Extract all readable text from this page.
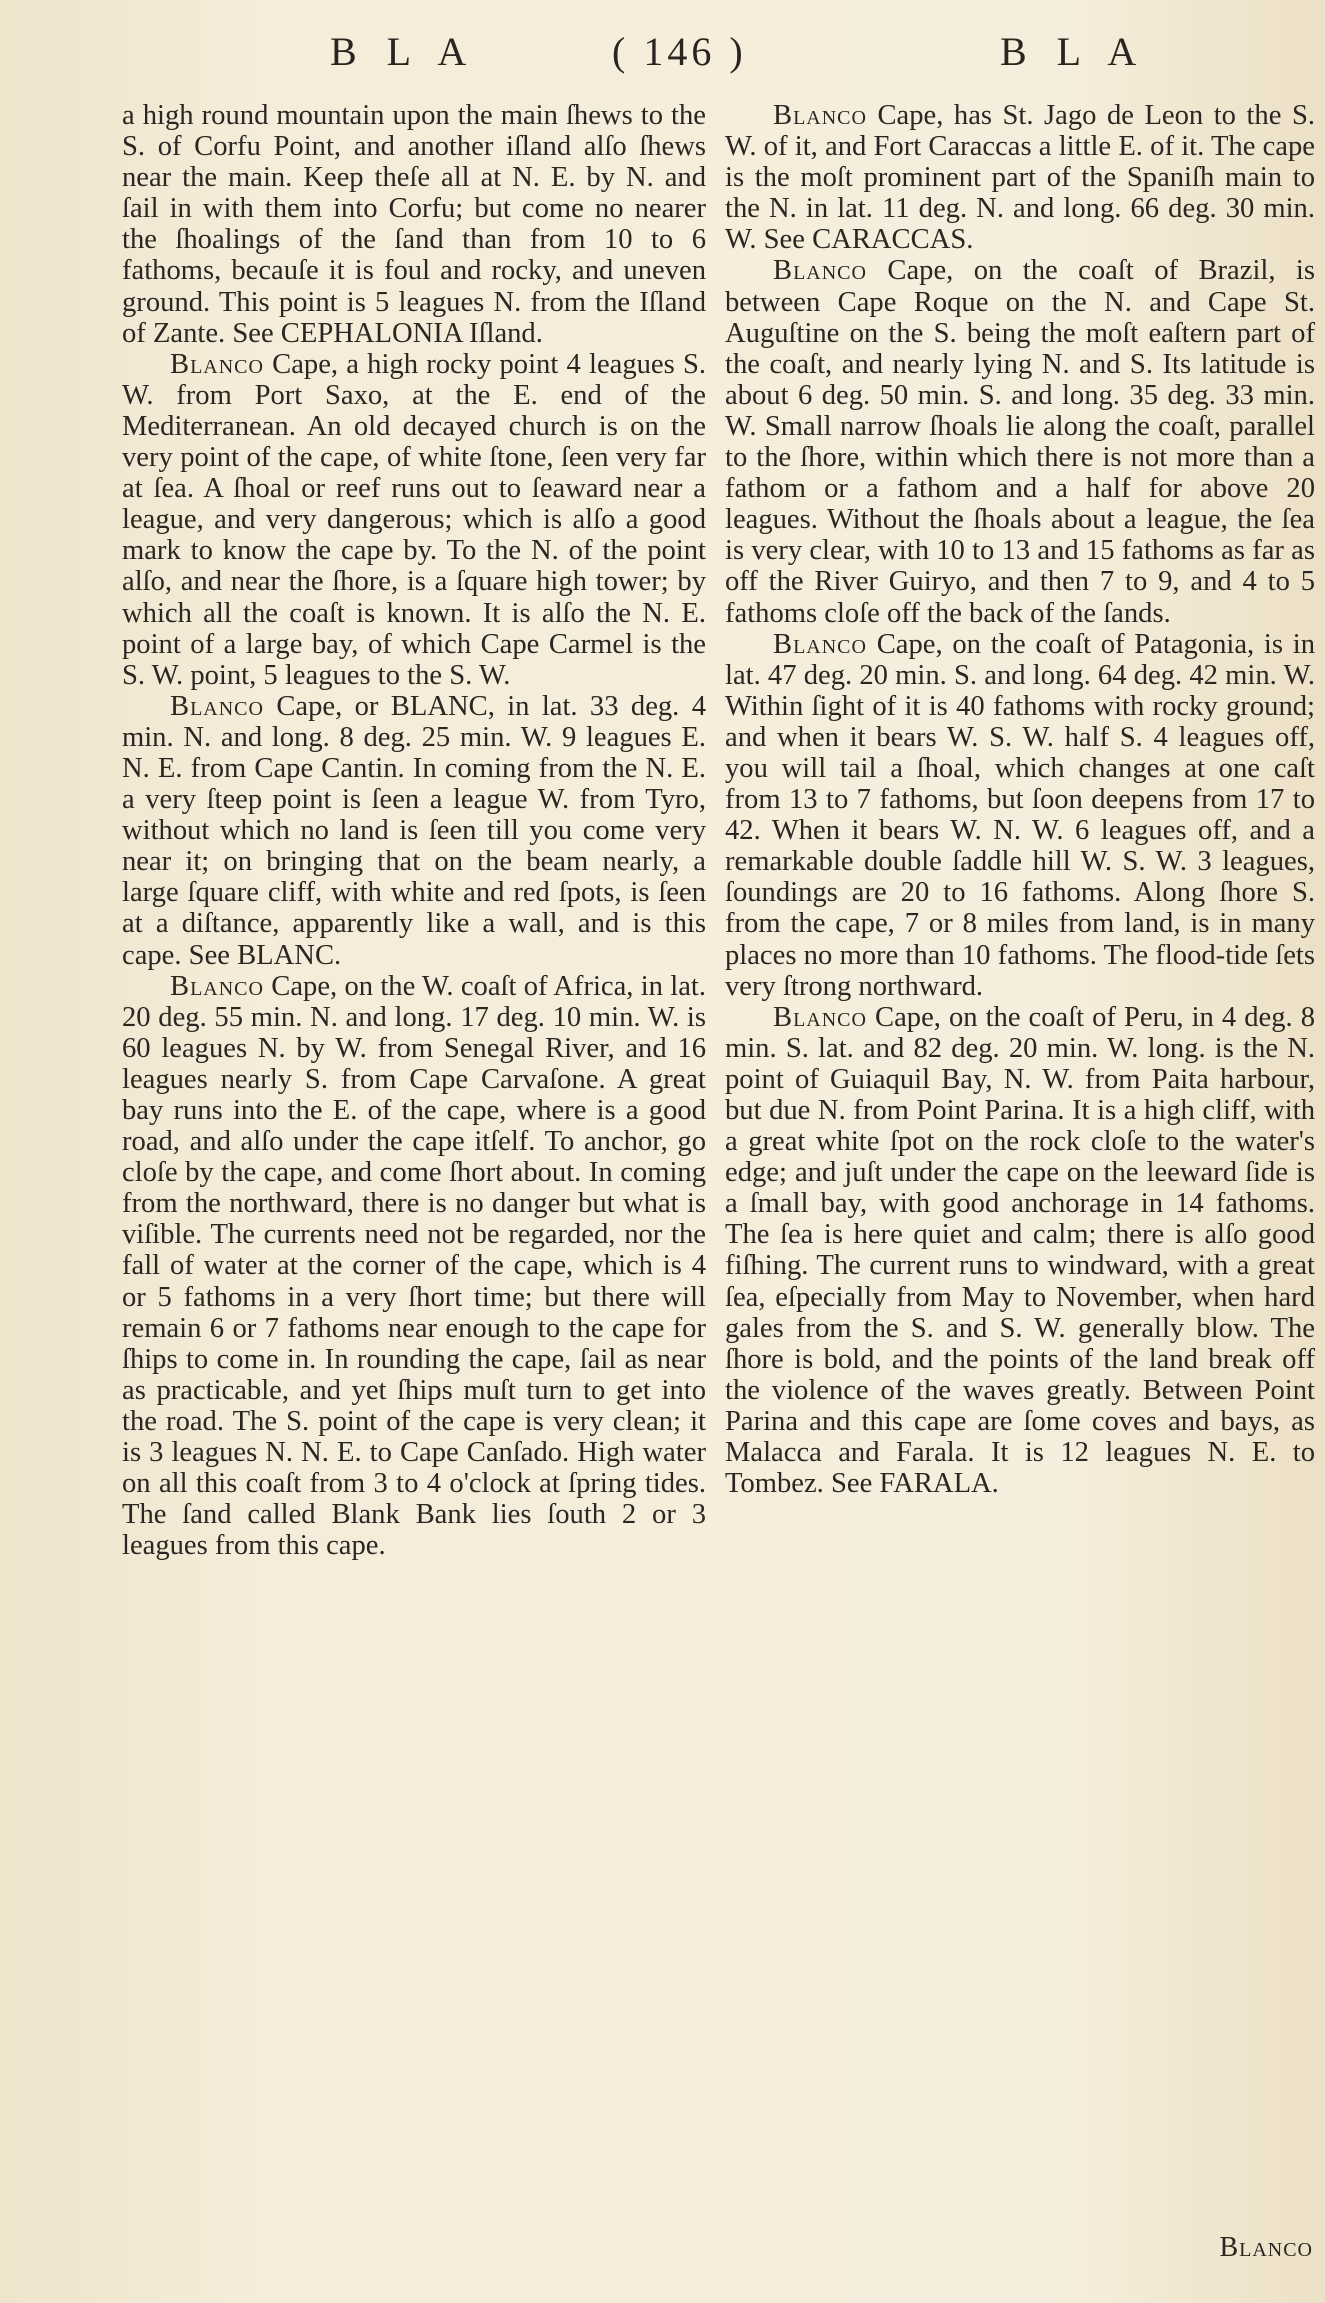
B L A	( 146 )	B L A

a high round mountain upon the main ſhews to the S. of Corfu Point, and another iſland alſo ſhews near the main. Keep theſe all at N. E. by N. and ſail in with them into Corfu; but come no nearer the ſhoalings of the ſand than from 10 to 6 fathoms, becauſe it is foul and rocky, and uneven ground. This point is 5 leagues N. from the Iſland of Zante. See CEPHALONIA Iſland.

Blanco Cape, a high rocky point 4 leagues S. W. from Port Saxo, at the E. end of the Mediterranean. An old decayed church is on the very point of the cape, of white ſtone, ſeen very far at ſea. A ſhoal or reef runs out to ſeaward near a league, and very dangerous; which is alſo a good mark to know the cape by. To the N. of the point alſo, and near the ſhore, is a ſquare high tower; by which all the coaſt is known. It is alſo the N. E. point of a large bay, of which Cape Carmel is the S. W. point, 5 leagues to the S. W.

Blanco Cape, or BLANC, in lat. 33 deg. 4 min. N. and long. 8 deg. 25 min. W. 9 leagues E. N. E. from Cape Cantin. In coming from the N. E. a very ſteep point is ſeen a league W. from Tyro, without which no land is ſeen till you come very near it; on bringing that on the beam nearly, a large ſquare cliff, with white and red ſpots, is ſeen at a diſtance, apparently like a wall, and is this cape. See BLANC.

Blanco Cape, on the W. coaſt of Africa, in lat. 20 deg. 55 min. N. and long. 17 deg. 10 min. W. is 60 leagues N. by W. from Senegal River, and 16 leagues nearly S. from Cape Carvaſone. A great bay runs into the E. of the cape, where is a good road, and alſo under the cape itſelf. To anchor, go cloſe by the cape, and come ſhort about. In coming from the northward, there is no danger but what is viſible. The currents need not be regarded, nor the fall of water at the corner of the cape, which is 4 or 5 fathoms in a very ſhort time; but there will remain 6 or 7 fathoms near enough to the cape for ſhips to come in. In rounding the cape, ſail as near as practicable, and yet ſhips muſt turn to get into the road. The S. point of the cape is very clean; it is 3 leagues N. N. E. to Cape Canſado. High water on all this coaſt from 3 to 4 o'clock at ſpring tides. The ſand called Blank Bank lies ſouth 2 or 3 leagues from this cape.

Blanco Cape, has St. Jago de Leon to the S. W. of it, and Fort Caraccas a little E. of it. The cape is the moſt prominent part of the Spaniſh main to the N. in lat. 11 deg. N. and long. 66 deg. 30 min. W. See CARACCAS.

Blanco Cape, on the coaſt of Brazil, is between Cape Roque on the N. and Cape St. Auguſtine on the S. being the moſt eaſtern part of the coaſt, and nearly lying N. and S. Its latitude is about 6 deg. 50 min. S. and long. 35 deg. 33 min. W. Small narrow ſhoals lie along the coaſt, parallel to the ſhore, within which there is not more than a fathom or a fathom and a half for above 20 leagues. Without the ſhoals about a league, the ſea is very clear, with 10 to 13 and 15 fathoms as far as off the River Guiryo, and then 7 to 9, and 4 to 5 fathoms cloſe off the back of the ſands.

Blanco Cape, on the coaſt of Patagonia, is in lat. 47 deg. 20 min. S. and long. 64 deg. 42 min. W. Within ſight of it is 40 fathoms with rocky ground; and when it bears W. S. W. half S. 4 leagues off, you will tail a ſhoal, which changes at one caſt from 13 to 7 fathoms, but ſoon deepens from 17 to 42. When it bears W. N. W. 6 leagues off, and a remarkable double ſaddle hill W. S. W. 3 leagues, ſoundings are 20 to 16 fathoms. Along ſhore S. from the cape, 7 or 8 miles from land, is in many places no more than 10 fathoms. The flood-tide ſets very ſtrong northward.

Blanco Cape, on the coaſt of Peru, in 4 deg. 8 min. S. lat. and 82 deg. 20 min. W. long. is the N. point of Guiaquil Bay, N. W. from Paita harbour, but due N. from Point Parina. It is a high cliff, with a great white ſpot on the rock cloſe to the water's edge; and juſt under the cape on the leeward ſide is a ſmall bay, with good anchorage in 14 fathoms. The ſea is here quiet and calm; there is alſo good fiſhing. The current runs to windward, with a great ſea, eſpecially from May to November, when hard gales from the S. and S. W. generally blow. The ſhore is bold, and the points of the land break off the violence of the waves greatly. Between Point Parina and this cape are ſome coves and bays, as Malacca and Farala. It is 12 leagues N. E. to Tombez. See FARALA.

Blanco
